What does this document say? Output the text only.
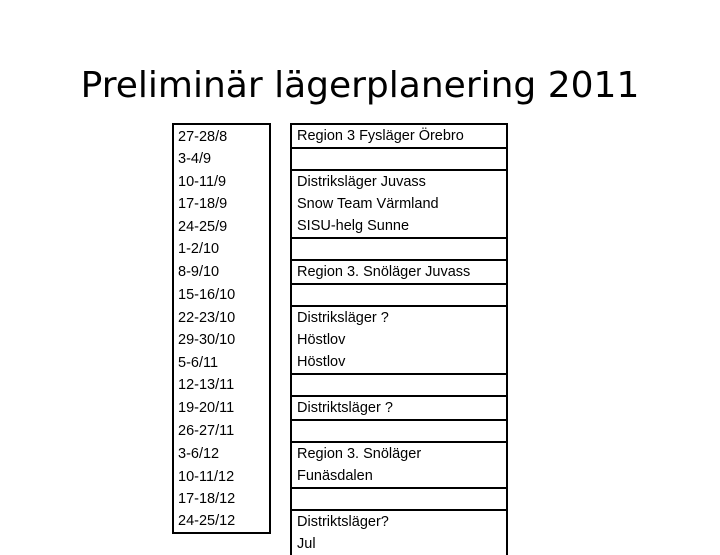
Preliminär lägerplanering 2011
27-28/8		Region 3 Fysläger Örebro
3-4/9		
10-11/9		Distriksläger Juvass
17-18/9		Snow Team Värmland
24-25/9		SISU-helg Sunne
1-2/10		
8-9/10		Region 3. Snöläger Juvass
15-16/10		
22-23/10		Distriksläger ?
29-30/10		Höstlov
5-6/11		Höstlov
12-13/11		
19-20/11		Distriktsläger ?
26-27/11		
3-6/12		Region 3. Snöläger
10-11/12		Funäsdalen
17-18/12		
24-25/12		Distriktsläger?
		Jul
